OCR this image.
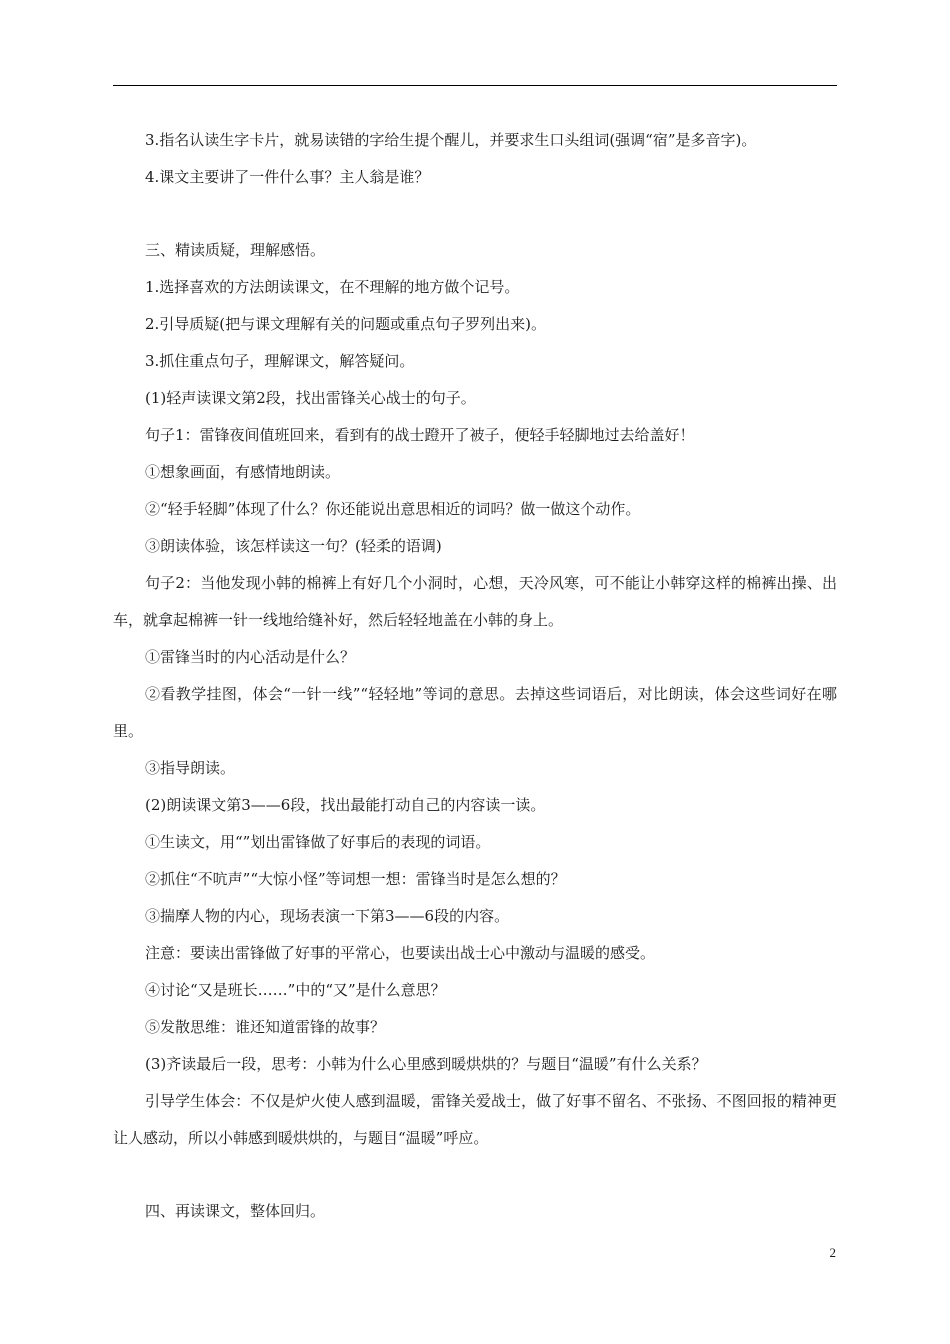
3.指名认读生字卡片，就易读错的字给生提个醒儿，并要求生口头组词(强调“宿”是多音字)。

4.课文主要讲了一件什么事？主人翁是谁？

三、精读质疑，理解感悟。

1.选择喜欢的方法朗读课文，在不理解的地方做个记号。

2.引导质疑(把与课文理解有关的问题或重点句子罗列出来)。

3.抓住重点句子，理解课文，解答疑问。

(1)轻声读课文第2段，找出雷锋关心战士的句子。

句子1：雷锋夜间值班回来，看到有的战士蹬开了被子，便轻手轻脚地过去给盖好！

①想象画面，有感情地朗读。

②“轻手轻脚”体现了什么？你还能说出意思相近的词吗？做一做这个动作。

③朗读体验，该怎样读这一句？(轻柔的语调)

句子2：当他发现小韩的棉裤上有好几个小洞时，心想，天冷风寒，可不能让小韩穿这样的棉裤出操、出车，就拿起棉裤一针一线地给缝补好，然后轻轻地盖在小韩的身上。

①雷锋当时的内心活动是什么？

②看教学挂图，体会“一针一线”“轻轻地”等词的意思。去掉这些词语后，对比朗读，体会这些词好在哪里。

③指导朗读。

(2)朗读课文第3——6段，找出最能打动自己的内容读一读。

①生读文，用“”划出雷锋做了好事后的表现的词语。

②抓住“不吭声”“大惊小怪”等词想一想：雷锋当时是怎么想的？

③揣摩人物的内心，现场表演一下第3——6段的内容。

注意：要读出雷锋做了好事的平常心，也要读出战士心中激动与温暖的感受。

④讨论“又是班长……”中的“又”是什么意思？

⑤发散思维：谁还知道雷锋的故事？

(3)齐读最后一段，思考：小韩为什么心里感到暖烘烘的？与题目“温暖”有什么关系？

引导学生体会：不仅是炉火使人感到温暖，雷锋关爱战士，做了好事不留名、不张扬、不图回报的精神更让人感动，所以小韩感到暖烘烘的，与题目“温暖”呼应。

四、再读课文，整体回归。

2
